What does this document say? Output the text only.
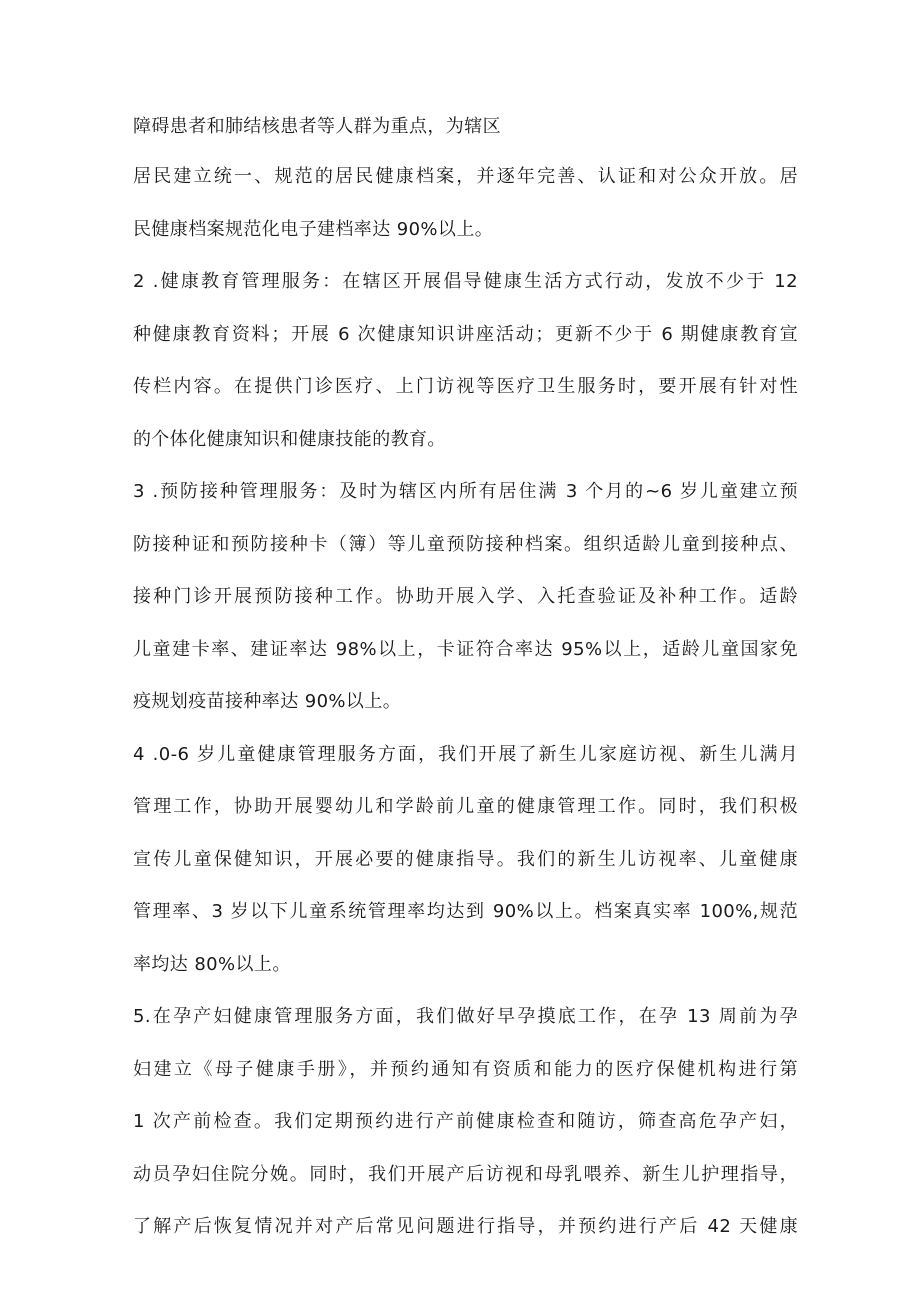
障碍患者和肺结核患者等人群为重点，为辖区
居民建立统一、规范的居民健康档案，并逐年完善、认证和对公众开放。居
民健康档案规范化电子建档率达 90%以上。
2 .健康教育管理服务：在辖区开展倡导健康生活方式行动，发放不少于 12
种健康教育资料；开展 6 次健康知识讲座活动；更新不少于 6 期健康教育宣
传栏内容。在提供门诊医疗、上门访视等医疗卫生服务时，要开展有针对性
的个体化健康知识和健康技能的教育。
3 .预防接种管理服务：及时为辖区内所有居住满 3 个月的~6 岁儿童建立预
防接种证和预防接种卡（簿）等儿童预防接种档案。组织适龄儿童到接种点、
接种门诊开展预防接种工作。协助开展入学、入托查验证及补种工作。适龄
儿童建卡率、建证率达 98%以上，卡证符合率达 95%以上，适龄儿童国家免
疫规划疫苗接种率达 90%以上。
4 .0-6 岁儿童健康管理服务方面，我们开展了新生儿家庭访视、新生儿满月
管理工作，协助开展婴幼儿和学龄前儿童的健康管理工作。同时，我们积极
宣传儿童保健知识，开展必要的健康指导。我们的新生儿访视率、儿童健康
管理率、3 岁以下儿童系统管理率均达到 90%以上。档案真实率 100%,规范
率均达 80%以上。
5.在孕产妇健康管理服务方面，我们做好早孕摸底工作，在孕 13 周前为孕
妇建立《母子健康手册》，并预约通知有资质和能力的医疗保健机构进行第
1 次产前检查。我们定期预约进行产前健康检查和随访，筛查高危孕产妇，
动员孕妇住院分娩。同时，我们开展产后访视和母乳喂养、新生儿护理指导，
了解产后恢复情况并对产后常见问题进行指导，并预约进行产后 42 天健康
